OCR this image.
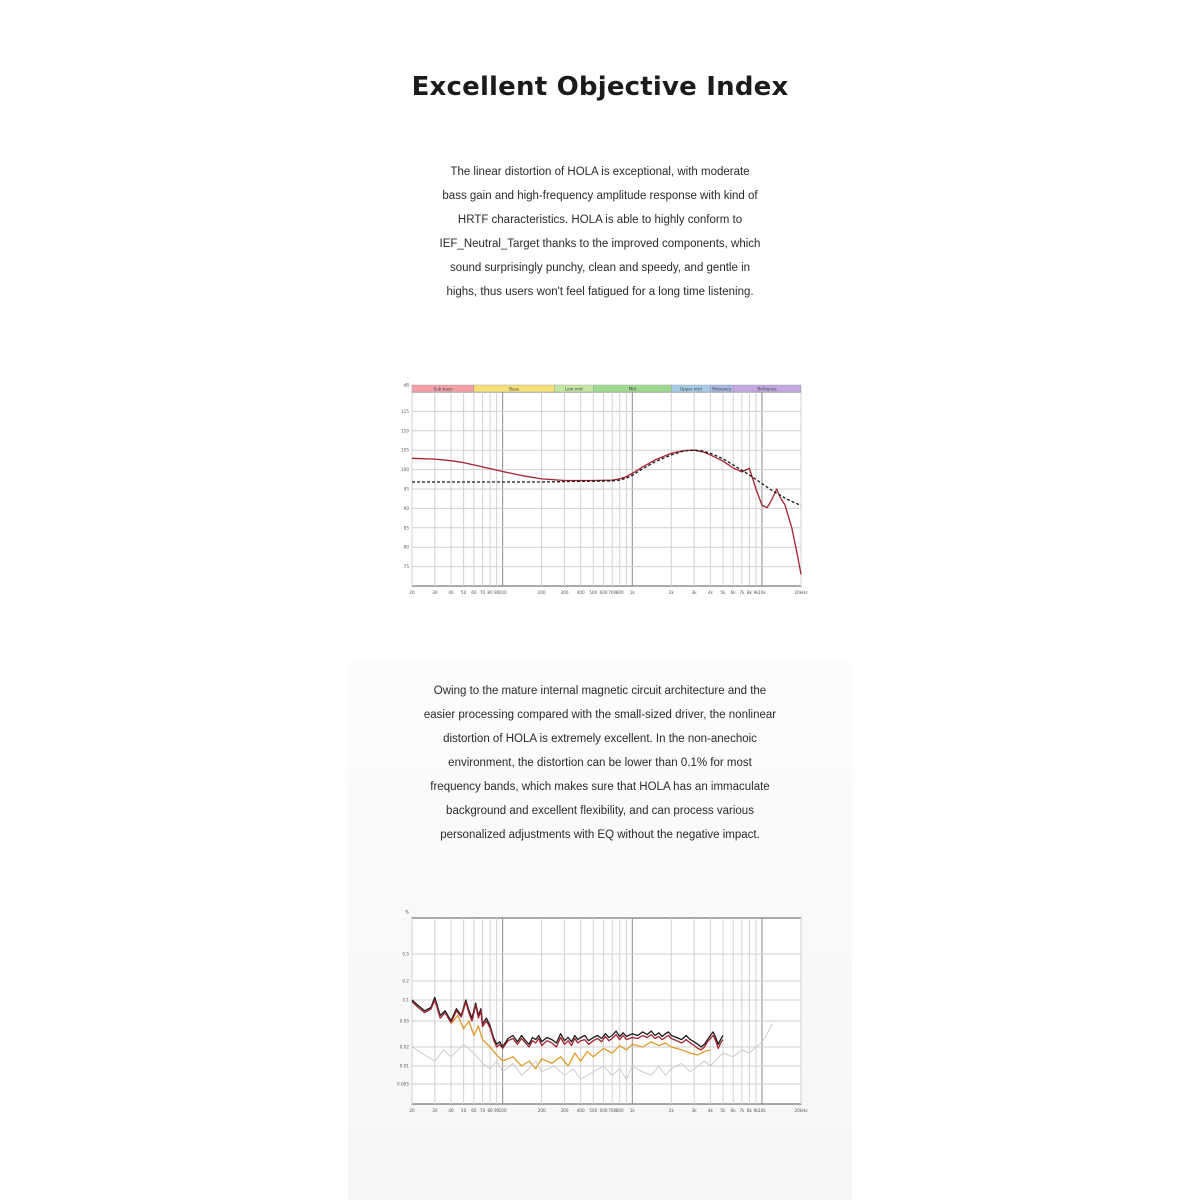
Excellent Objective Index
The linear distortion of HOLA is exceptional, with moderate
bass gain and high-frequency amplitude response with kind of
HRTF characteristics. HOLA is able to highly conform to
IEF_Neutral_Target thanks to the improved components, which
sound surprisingly punchy, clean and speedy, and gentle in
highs, thus users won't feel fatigued for a long time listening.
20	30	40 50 60 70 80 90 100	200	300 400 500 600 700 800 1k	2k	3k	4k 5k 6k 7k 8k 9k 10k	20kHz
dB
115
110
105
100
95
90
85
80
75
Sub bass	Bass	Low mid	Mid	Upper mid Presence	Brilliance
Owing to the mature internal magnetic circuit architecture and the
easier processing compared with the small-sized driver, the nonlinear
distortion of HOLA is extremely excellent. In the non-anechoic
environment, the distortion can be lower than 0.1% for most
frequency bands, which makes sure that HOLA has an immaculate
background and excellent flexibility, and can process various
personalized adjustments with EQ without the negative impact.
20	30	40 50 60 70 80 90 100	200	300 400 500 600 700 800 1k	2k	3k	4k 5k 6k 7k 8k 9k 10k	20kHz
%
0.5
0.2
0.1
0.05
0.02
0.01
0.005
